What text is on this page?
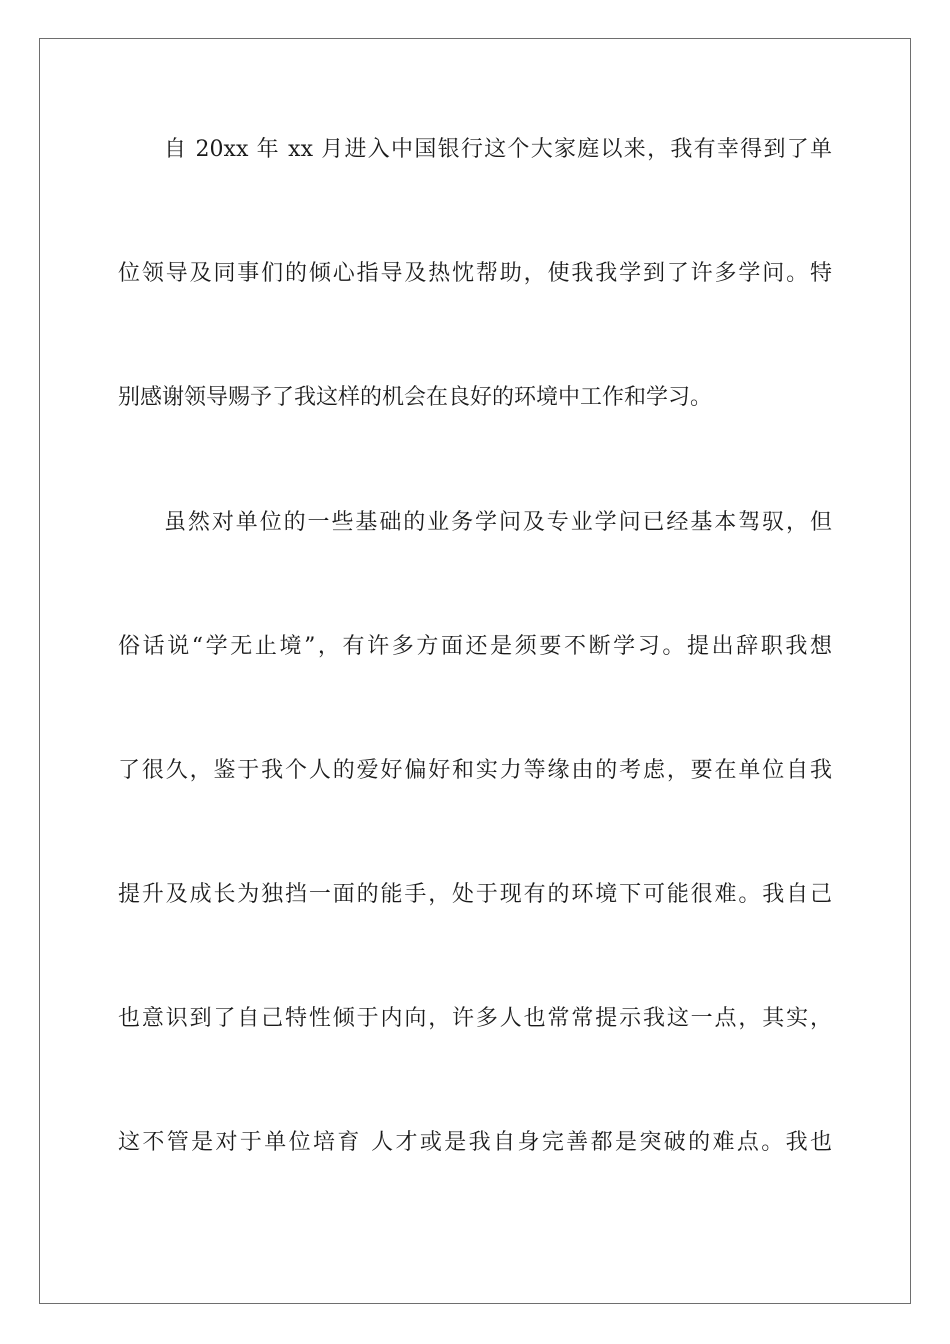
自 20xx 年 xx 月进入中国银行这个大家庭以来，我有幸得到了单
位领导及同事们的倾心指导及热忱帮助，使我我学到了许多学问。特
别感谢领导赐予了我这样的机会在良好的环境中工作和学习。
虽然对单位的一些基础的业务学问及专业学问已经基本驾驭，但
俗话说“学无止境”，有许多方面还是须要不断学习。提出辞职我想
了很久，鉴于我个人的爱好偏好和实力等缘由的考虑，要在单位自我
提升及成长为独挡一面的能手，处于现有的环境下可能很难。我自己
也意识到了自己特性倾于内向，许多人也常常提示我这一点，其实，
这不管是对于单位培育 人才或是我自身完善都是突破的难点。我也
